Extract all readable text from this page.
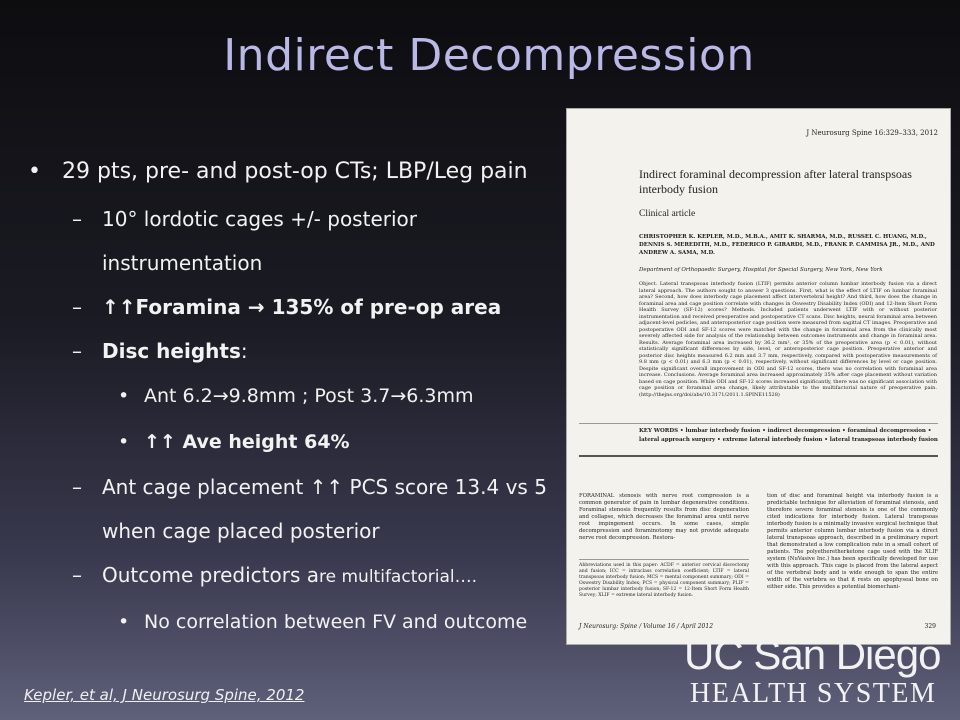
Indirect Decompression
• 29 pts, pre- and post-op CTs; LBP/Leg pain
– 10° lordotic cages +/- posterior instrumentation
– ↑↑Foramina → 135% of pre-op area
– Disc heights:
• Ant 6.2→9.8mm ; Post 3.7→6.3mm
• ↑↑ Ave height 64%
– Ant cage placement ↑↑ PCS score 13.4 vs 5 when cage placed posterior
– Outcome predictors are multifactorial….
• No correlation between FV and outcome
Kepler, et al, J Neurosurg Spine, 2012
J Neurosurg Spine 16:329–333, 2012
Indirect foraminal decompression after lateral transpsoas interbody fusion
Clinical article
CHRISTOPHER K. KEPLER, M.D., M.B.A., AMIT K. SHARMA, M.D., RUSSEL C. HUANG, M.D., DENNIS S. MEREDITH, M.D., FEDERICO P. GIRARDI, M.D., FRANK P. CAMMISA JR., M.D., AND ANDREW A. SAMA, M.D.
Department of Orthopaedic Surgery, Hospital for Special Surgery, New York, New York
Object. Lateral transpsoas interbody fusion (LTIF) permits anterior column lumbar interbody fusion via a direct lateral approach. The authors sought to answer 3 questions. First, what is the effect of LTIF on lumbar foraminal area? Second, how does interbody cage placement affect intervertebral height? And third, how does the change in foraminal area and cage position correlate with changes in Oswestry Disability Index (ODI) and 12-Item Short Form Health Survey (SF-12) scores? Methods. Included patients underwent LTIF with or without posterior instrumentation and received preoperative and postoperative CT scans. Disc heights, neural foraminal area between adjacent-level pedicles, and anteroposterior cage position were measured from sagittal CT images. Preoperative and postoperative ODI and SF-12 scores were matched with the change in foraminal area from the clinically most severely affected side for analysis of the relationship between outcomes instruments and change in foraminal area. Results. Average foraminal area increased by 36.2 mm², or 35% of the preoperative area (p < 0.01), without statistically significant differences by side, level, or anteroposterior cage position. Preoperative anterior and posterior disc heights measured 6.2 mm and 3.7 mm, respectively, compared with postoperative measurements of 9.8 mm (p < 0.01) and 6.3 mm (p < 0.01), respectively, without significant differences by level or cage position. Despite significant overall improvement in ODI and SF-12 scores, there was no correlation with foraminal area increase. Conclusions. Average foraminal area increased approximately 35% after cage placement without variation based on cage position. While ODI and SF-12 scores increased significantly, there was no significant association with cage position or foraminal area change, likely attributable to the multifactorial nature of preoperative pain. (http://thejns.org/doi/abs/10.3171/2011.1.SPINE11528)
KEY WORDS • lumbar interbody fusion • indirect decompression • foraminal decompression • lateral approach surgery • extreme lateral interbody fusion • lateral transpsoas interbody fusion
FORAMINAL stenosis with nerve root compression is a common generator of pain in lumbar degenerative conditions. Foraminal stenosis frequently results from disc degeneration and collapse, which decreases the foraminal area until nerve root impingement occurs. In some cases, simple decompression and foraminotomy may not provide adequate nerve root decompression. Restora-
tion of disc and foraminal height via interbody fusion is a predictable technique for alleviation of foraminal stenosis, and therefore severe foraminal stenosis is one of the commonly cited indications for interbody fusion. Lateral transpsoas interbody fusion is a minimally invasive surgical technique that permits anterior column lumbar interbody fusion via a direct lateral transpsoas approach, described in a preliminary report that demonstrated a low complication rate in a small cohort of patients. The polyetheretherketone cage used with the XLIF system (NuVasive Inc.) has been specifically developed for use with this approach. This cage is placed from the lateral aspect of the vertebral body and is wide enough to span the entire width of the vertebra so that it rests on apophyseal bone on either side. This provides a potential biomechani-
Abbreviations used in this paper: ACDF = anterior cervical discectomy and fusion; ICC = intraclass correlation coefficient; LTIF = lateral transpsoas interbody fusion; MCS = mental component summary; ODI = Oswestry Disability Index; PCS = physical component summary; PLIF = posterior lumbar interbody fusion; SF-12 = 12-Item Short Form Health Survey; XLIF = extreme lateral interbody fusion.
J Neurosurg: Spine / Volume 16 / April 2012	329
UC San Diego
HEALTH SYSTEM
